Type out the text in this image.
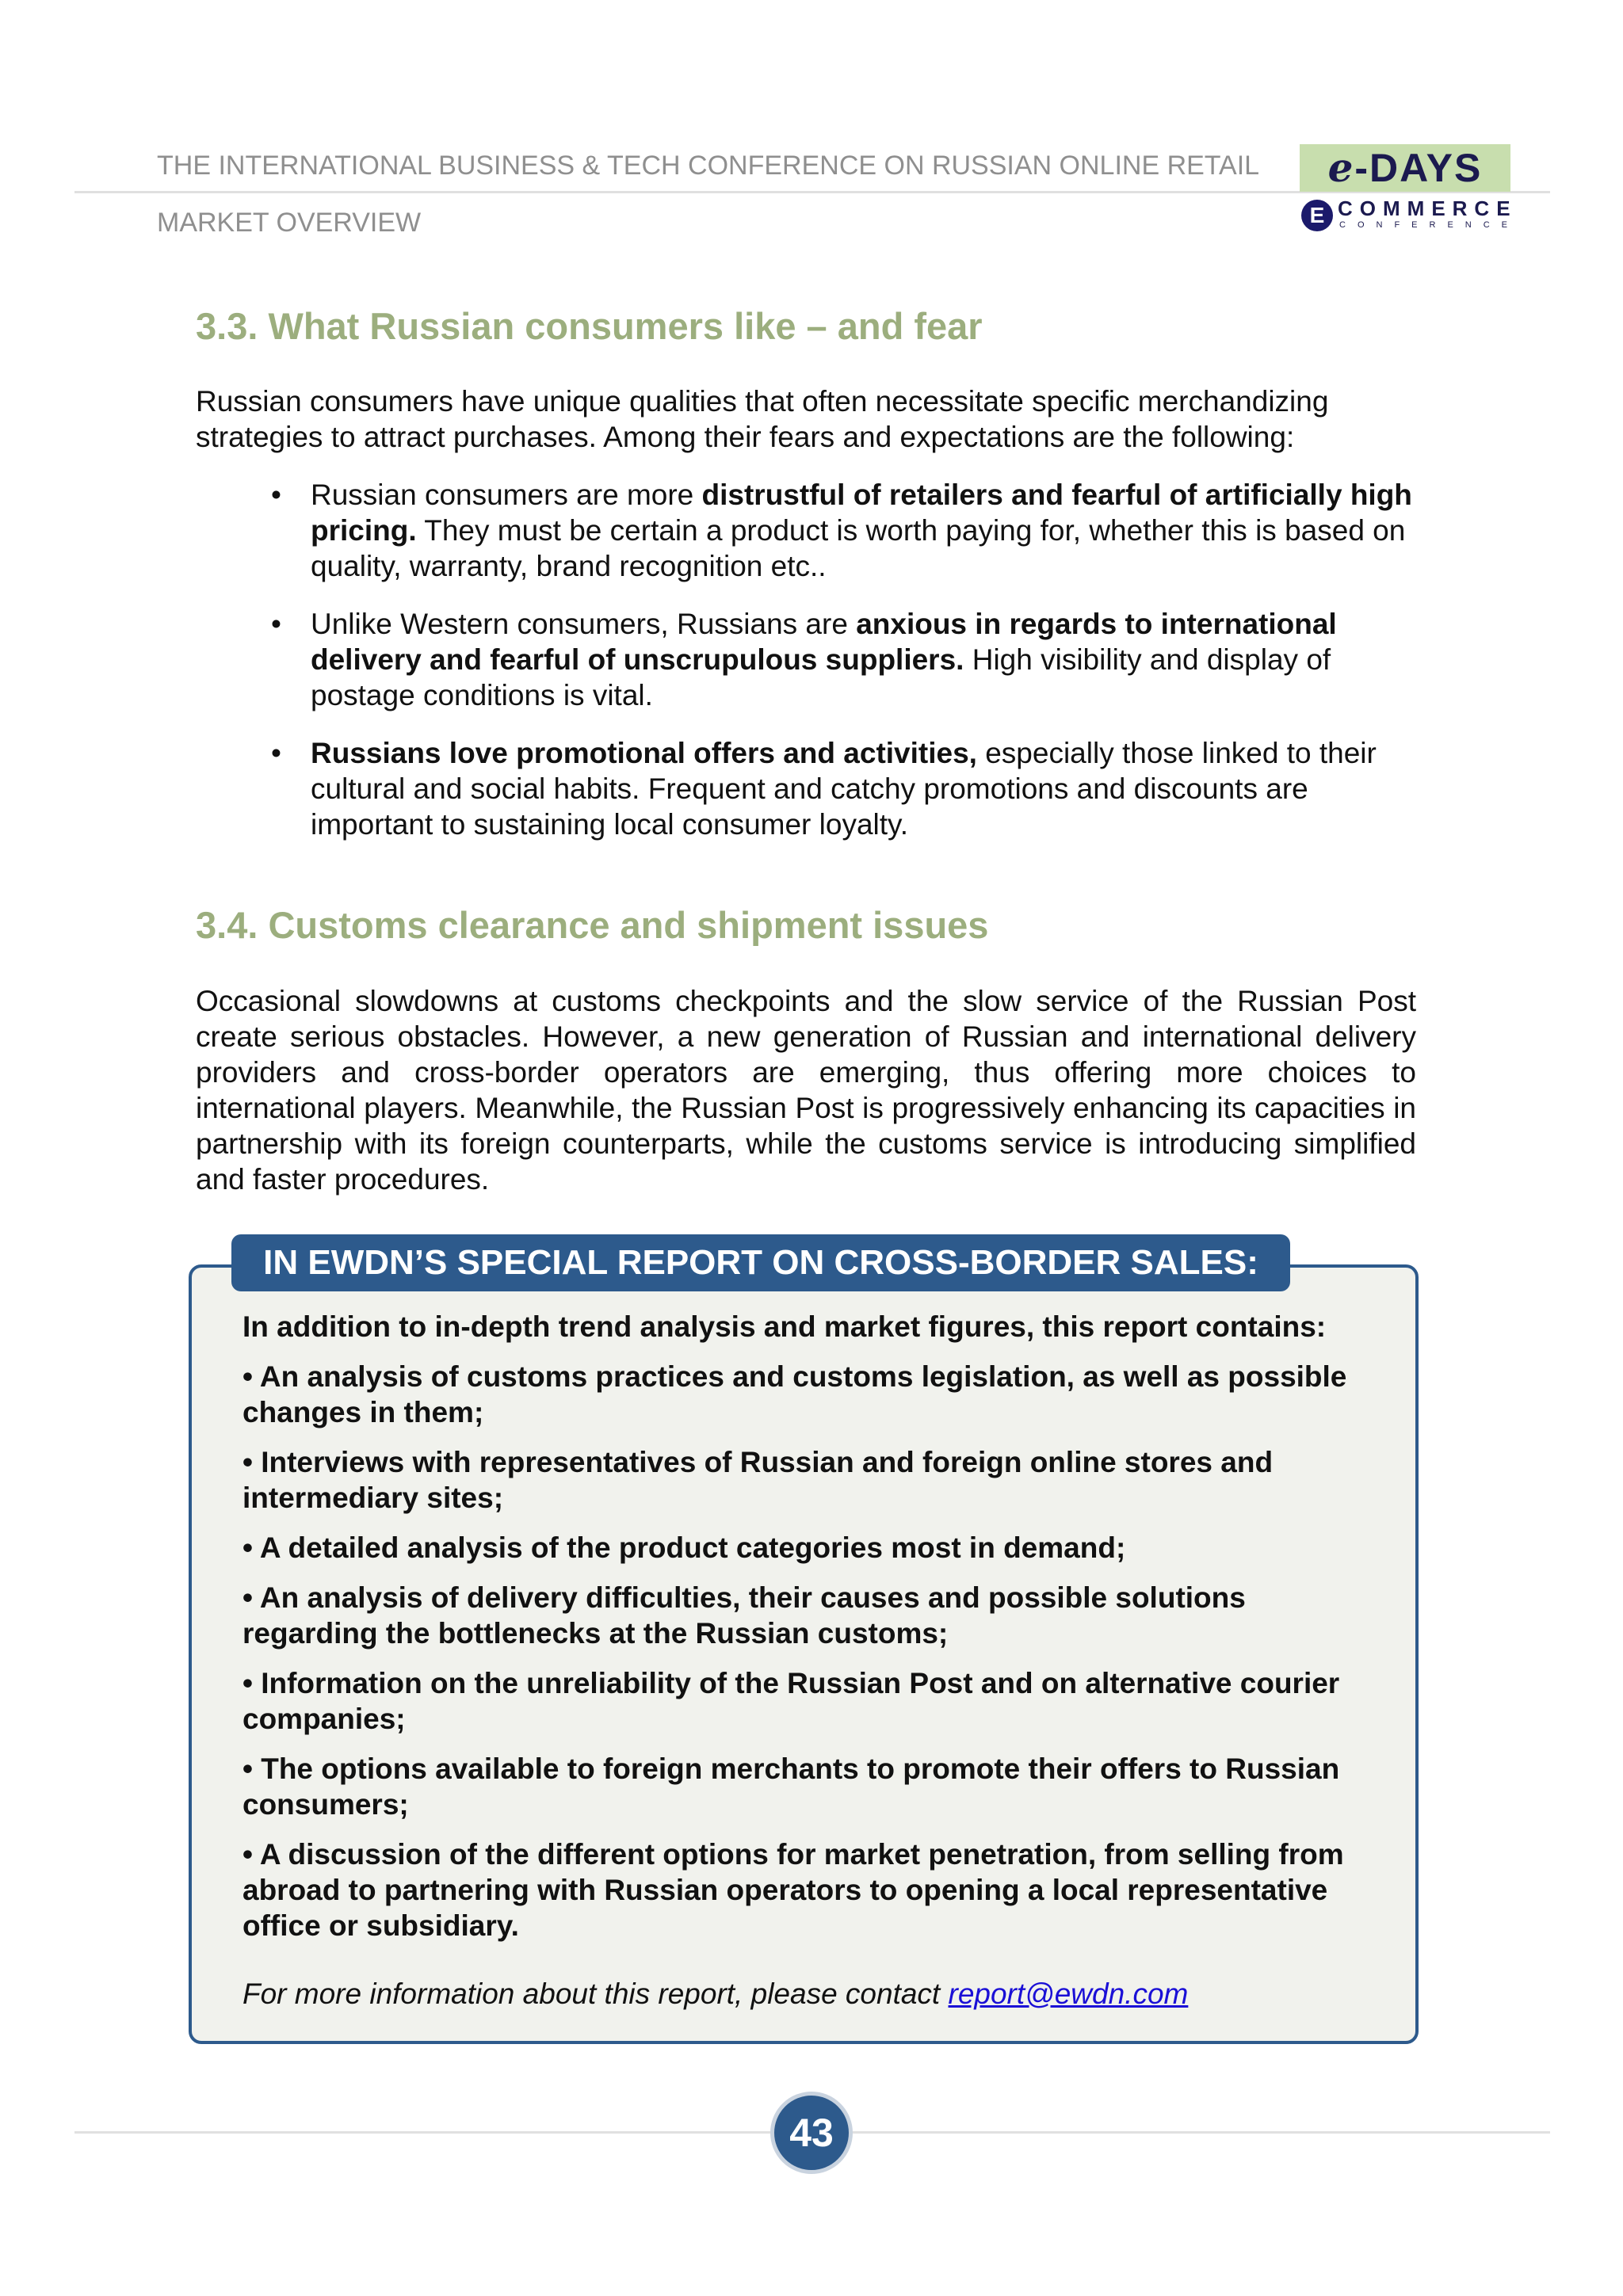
THE INTERNATIONAL BUSINESS & TECH CONFERENCE ON RUSSIAN ONLINE RETAIL
MARKET OVERVIEW
e-DAYS
E COMMERCE
CONFERENCE
3.3. What Russian consumers like – and fear

Russian consumers have unique qualities that often necessitate specific merchandizing strategies to attract purchases. Among their fears and expectations are the following:

• Russian consumers are more distrustful of retailers and fearful of artificially high pricing. They must be certain a product is worth paying for, whether this is based on quality, warranty, brand recognition etc..
• Unlike Western consumers, Russians are anxious in regards to international delivery and fearful of unscrupulous suppliers. High visibility and display of postage conditions is vital.
• Russians love promotional offers and activities, especially those linked to their cultural and social habits. Frequent and catchy promotions and discounts are important to sustaining local consumer loyalty.
3.4. Customs clearance and shipment issues

Occasional slowdowns at customs checkpoints and the slow service of the Russian Post create serious obstacles. However, a new generation of Russian and international delivery providers and cross-border operators are emerging, thus offering more choices to international players. Meanwhile, the Russian Post is progressively enhancing its capacities in partnership with its foreign counterparts, while the customs service is introducing simplified and faster procedures.

IN EWDN’S SPECIAL REPORT ON CROSS-BORDER SALES:

In addition to in-depth trend analysis and market figures, this report contains:

• An analysis of customs practices and customs legislation, as well as possible changes in them;

• Interviews with representatives of Russian and foreign online stores and intermediary sites;

• A detailed analysis of the product categories most in demand;

• An analysis of delivery difficulties, their causes and possible solutions regarding the bottlenecks at the Russian customs;

• Information on the unreliability of the Russian Post and on alternative courier companies;

• The options available to foreign merchants to promote their offers to Russian consumers;

• A discussion of the different options for market penetration, from selling from abroad to partnering with Russian operators to opening a local representative office or subsidiary.

For more information about this report, please contact report@ewdn.com
43
